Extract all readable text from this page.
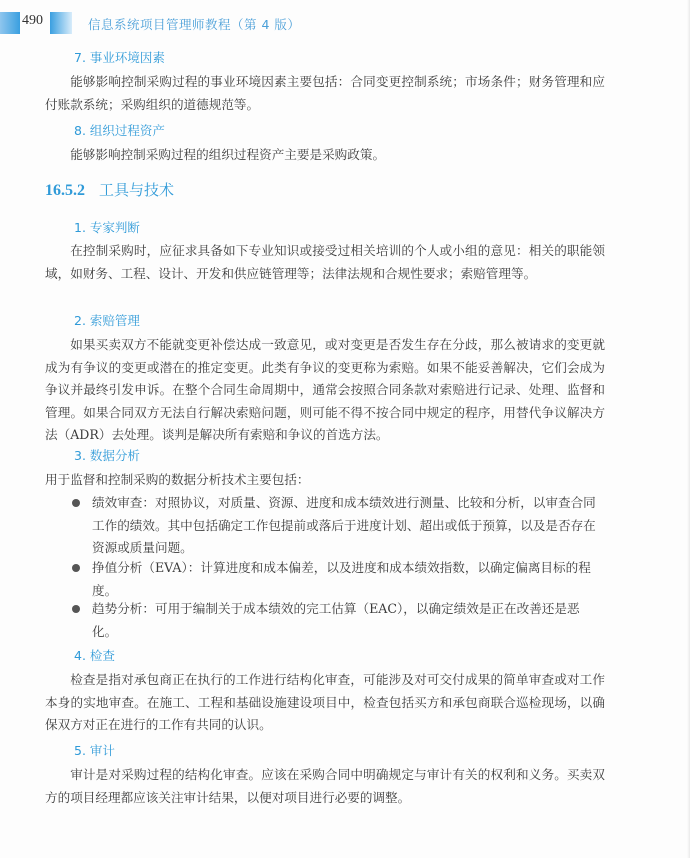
490	信息系统项目管理师教程（第 4 版）
7. 事业环境因素
能够影响控制采购过程的事业环境因素主要包括：合同变更控制系统；市场条件；财务管理和应付账款系统；采购组织的道德规范等。
8. 组织过程资产
能够影响控制采购过程的组织过程资产主要是采购政策。
16.5.2 工具与技术
1. 专家判断
在控制采购时，应征求具备如下专业知识或接受过相关培训的个人或小组的意见：相关的职能领域，如财务、工程、设计、开发和供应链管理等；法律法规和合规性要求；索赔管理等。
2. 索赔管理
如果买卖双方不能就变更补偿达成一致意见，或对变更是否发生存在分歧，那么被请求的变更就成为有争议的变更或潜在的推定变更。此类有争议的变更称为索赔。如果不能妥善解决，它们会成为争议并最终引发申诉。在整个合同生命周期中，通常会按照合同条款对索赔进行记录、处理、监督和管理。如果合同双方无法自行解决索赔问题，则可能不得不按合同中规定的程序，用替代争议解决方法（ADR）去处理。谈判是解决所有索赔和争议的首选方法。
3. 数据分析
用于监督和控制采购的数据分析技术主要包括：
绩效审查：对照协议，对质量、资源、进度和成本绩效进行测量、比较和分析，以审查合同工作的绩效。其中包括确定工作包提前或落后于进度计划、超出或低于预算，以及是否存在资源或质量问题。
挣值分析（EVA）：计算进度和成本偏差，以及进度和成本绩效指数，以确定偏离目标的程度。
趋势分析：可用于编制关于成本绩效的完工估算（EAC），以确定绩效是正在改善还是恶化。
4. 检查
检查是指对承包商正在执行的工作进行结构化审查，可能涉及对可交付成果的简单审查或对工作本身的实地审查。在施工、工程和基础设施建设项目中，检查包括买方和承包商联合巡检现场，以确保双方对正在进行的工作有共同的认识。
5. 审计
审计是对采购过程的结构化审查。应该在采购合同中明确规定与审计有关的权利和义务。买卖双方的项目经理都应该关注审计结果，以便对项目进行必要的调整。
